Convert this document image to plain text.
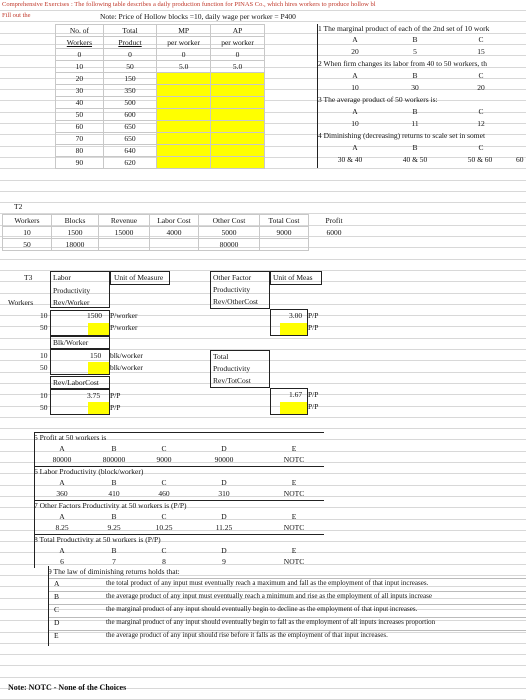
Comprehensive Exercises : The following table describes a daily production function for PINAS Co., which hires workers to produce hollow bl
Fill out the	Note: Price of Hollow blocks =10, daily wage per worker = P400
No. of	Total	MP	AP
Workers	Product	per worker	per worker
0	0	0	0
10	50	5.0	5.0
20	150		
30	350		
40	500		
50	600		
60	650		
70	650		
80	640		
90	620		
1 The marginal product of each of the 2nd set of 10 work
A	B	C
20	5	15
2 When firm changes its labor from 40 to 50 workers, th
A	B	C
10	30	20
3 The average product of 50 workers is:
A	B	C
10	11	12
4 Diminishing (decreasing) returns to scale set in somet
A	B	C
30 & 40	40 & 50	50 & 60	60
T2
Workers	Blocks	Revenue	Labor Cost	Other Cost	Total Cost	Profit
10	1500	15000	4000	5000	9000	6000
50	18000			80000		
T3	Labor	Unit of Measure
Productivity
Workers	Rev/Worker
10	1500 P/worker
50	P/worker
Blk/Worker
10	150 blk/worker
50	blk/worker
Rev/LaborCost
10	3.75 P/P
50	P/P
Other Factor
Productivity
Rev/OtherCost
Unit of Meas
3.00 P/P
P/P
Total
Productivity
Rev/TotCost
1.67 P/P
P/P
5 Profit at 50 workers is
A	B	C	D	E
80000	800000	9000	90000	NOTC
6 Labor Productivity (block/worker)
A	B	C	D	E
360	410	460	310	NOTC
7 Other Factors Productivity at 50 workers is (P/P)
A	B	C	D	E
8.25	9.25	10.25	11.25	NOTC
8 Total Productivity at 50 workers is (P/P)
A	B	C	D	E
6	7	8	9	NOTC
9 The law of diminishing returns holds that:
A	the total product of any input must eventually reach a maximum and fall as the employment of that input increases.
B	the average product of any input must eventually reach a minimum and rise as the employment of all inputs increase
C	the marginal product of any input should eventually begin to decline as the employment of that input increases.
D	the marginal product of any input should eventually begin to fall as the employment of all inputs increases proportion
E	the average product of any input should rise before it falls as the employment of that input increases.
Note: NOTC - None of the Choices
